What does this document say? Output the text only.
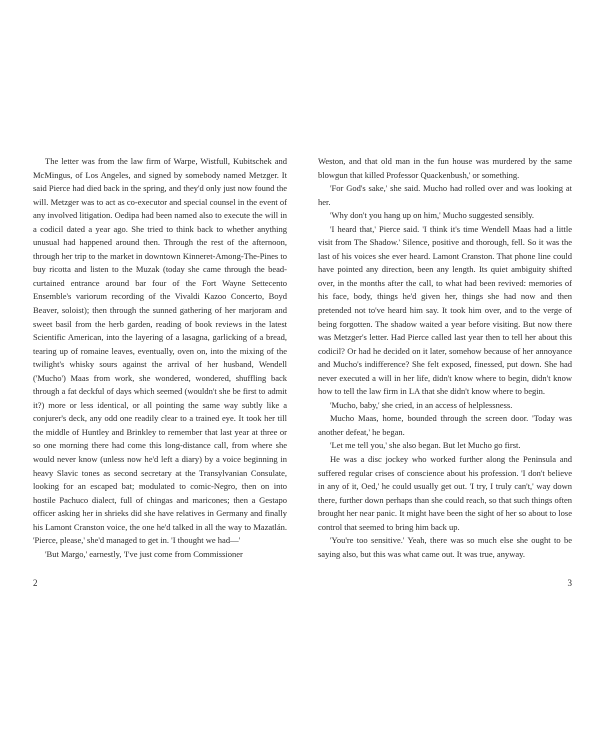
The letter was from the law firm of Warpe, Wistfull, Kubitschek and McMingus, of Los Angeles, and signed by somebody named Metzger. It said Pierce had died back in the spring, and they'd only just now found the will. Metzger was to act as co-executor and special counsel in the event of any involved litigation. Oedipa had been named also to execute the will in a codicil dated a year ago. She tried to think back to whether anything unusual had happened around then. Through the rest of the afternoon, through her trip to the market in downtown Kinneret-Among-The-Pines to buy ricotta and listen to the Muzak (today she came through the bead-curtained entrance around bar four of the Fort Wayne Settecento Ensemble's variorum recording of the Vivaldi Kazoo Concerto, Boyd Beaver, soloist); then through the sunned gathering of her marjoram and sweet basil from the herb garden, reading of book reviews in the latest Scientific American, into the layering of a lasagna, garlicking of a bread, tearing up of romaine leaves, eventually, oven on, into the mixing of the twilight's whisky sours against the arrival of her husband, Wendell ('Mucho') Maas from work, she wondered, wondered, shuffling back through a fat deckful of days which seemed (wouldn't she be first to admit it?) more or less identical, or all pointing the same way subtly like a conjurer's deck, any odd one readily clear to a trained eye. It took her till the middle of Huntley and Brinkley to remember that last year at three or so one morning there had come this long-distance call, from where she would never know (unless now he'd left a diary) by a voice beginning in heavy Slavic tones as second secretary at the Transylvanian Consulate, looking for an escaped bat; modulated to comic-Negro, then on into hostile Pachuco dialect, full of chingas and maricones; then a Gestapo officer asking her in shrieks did she have relatives in Germany and finally his Lamont Cranston voice, the one he'd talked in all the way to Mazatlán. 'Pierce, please,' she'd managed to get in. 'I thought we had—'

'But Margo,' earnestly, 'I've just come from Commissioner

2

Weston, and that old man in the fun house was murdered by the same blowgun that killed Professor Quackenbush,' or something.

'For God's sake,' she said. Mucho had rolled over and was looking at her.

'Why don't you hang up on him,' Mucho suggested sensibly.

'I heard that,' Pierce said. 'I think it's time Wendell Maas had a little visit from The Shadow.' Silence, positive and thorough, fell. So it was the last of his voices she ever heard. Lamont Cranston. That phone line could have pointed any direction, been any length. Its quiet ambiguity shifted over, in the months after the call, to what had been revived: memories of his face, body, things he'd given her, things she had now and then pretended not to've heard him say. It took him over, and to the verge of being forgotten. The shadow waited a year before visiting. But now there was Metzger's letter. Had Pierce called last year then to tell her about this codicil? Or had he decided on it later, somehow because of her annoyance and Mucho's indifference? She felt exposed, finessed, put down. She had never executed a will in her life, didn't know where to begin, didn't know how to tell the law firm in LA that she didn't know where to begin.

'Mucho, baby,' she cried, in an access of helplessness.

Mucho Maas, home, bounded through the screen door. 'Today was another defeat,' he began.

'Let me tell you,' she also began. But let Mucho go first.

He was a disc jockey who worked further along the Peninsula and suffered regular crises of conscience about his profession. 'I don't believe in any of it, Oed,' he could usually get out. 'I try, I truly can't,' way down there, further down perhaps than she could reach, so that such things often brought her near panic. It might have been the sight of her so about to lose control that seemed to bring him back up.

'You're too sensitive.' Yeah, there was so much else she ought to be saying also, but this was what came out. It was true, anyway.

3
